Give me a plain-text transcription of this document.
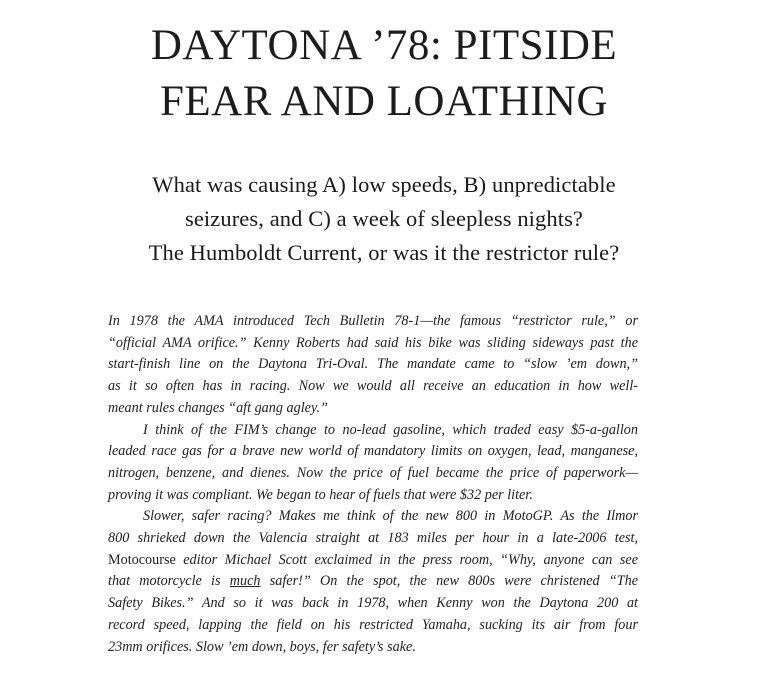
DAYTONA ’78: PITSIDE
FEAR AND LOATHING
What was causing A) low speeds, B) unpredictable
seizures, and C) a week of sleepless nights?
The Humboldt Current, or was it the restrictor rule?

In 1978 the AMA introduced Tech Bulletin 78-1—the famous “restrictor rule,” or
“official AMA orifice.” Kenny Roberts had said his bike was sliding sideways past the
start-finish line on the Daytona Tri-Oval. The mandate came to “slow ’em down,”
as it so often has in racing. Now we would all receive an education in how well-
meant rules changes “aft gang agley.”

I think of the FIM’s change to no-lead gasoline, which traded easy $5-a-gallon
leaded race gas for a brave new world of mandatory limits on oxygen, lead, manganese,
nitrogen, benzene, and dienes. Now the price of fuel became the price of paperwork—
proving it was compliant. We began to hear of fuels that were $32 per liter.

Slower, safer racing? Makes me think of the new 800 in MotoGP. As the Ilmor
800 shrieked down the Valencia straight at 183 miles per hour in a late-2006 test,
Motocourse editor Michael Scott exclaimed in the press room, “Why, anyone can see
that motorcycle is much safer!” On the spot, the new 800s were christened “The
Safety Bikes.” And so it was back in 1978, when Kenny won the Daytona 200 at
record speed, lapping the field on his restricted Yamaha, sucking its air from four
23mm orifices. Slow ’em down, boys, fer safety’s sake.
